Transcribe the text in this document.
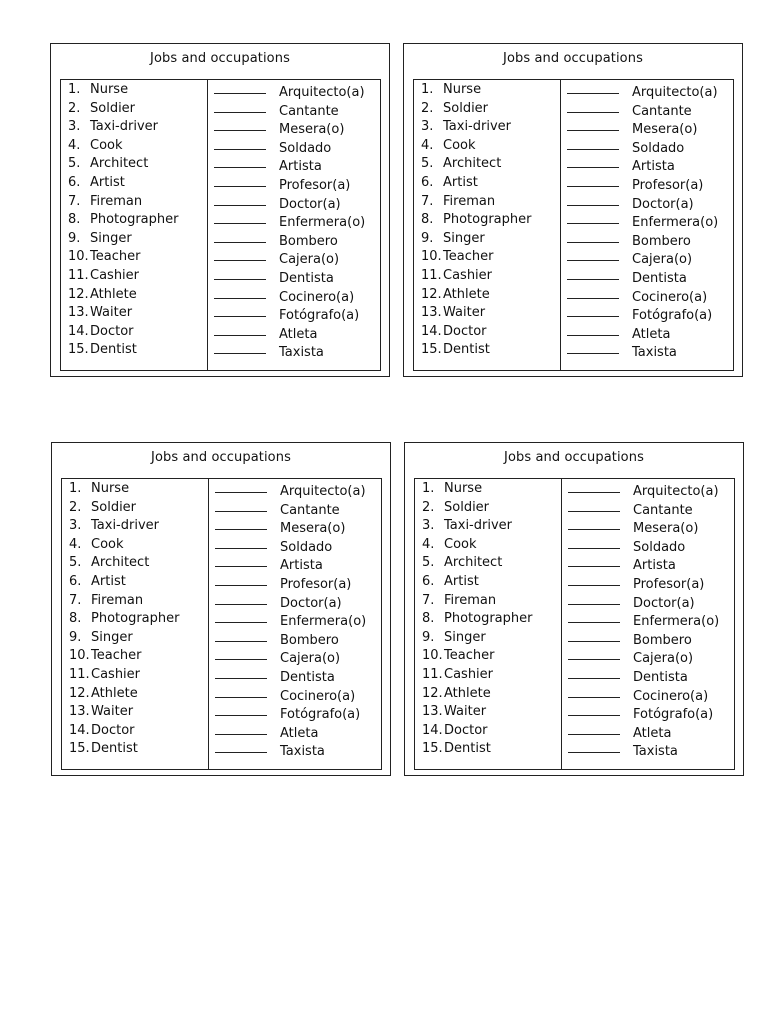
Jobs and occupations
1. Nurse
2. Soldier
3. Taxi-driver
4. Cook
5. Architect
6. Artist
7. Fireman
8. Photographer
9. Singer
10.Teacher
11.Cashier
12.Athlete
13.Waiter
14.Doctor
15.Dentist
Arquitecto(a)
Cantante
Mesera(o)
Soldado
Artista
Profesor(a)
Doctor(a)
Enfermera(o)
Bombero
Cajera(o)
Dentista
Cocinero(a)
Fotógrafo(a)
Atleta
Taxista
Jobs and occupations
1. Nurse
2. Soldier
3. Taxi-driver
4. Cook
5. Architect
6. Artist
7. Fireman
8. Photographer
9. Singer
10.Teacher
11.Cashier
12.Athlete
13.Waiter
14.Doctor
15.Dentist
Arquitecto(a)
Cantante
Mesera(o)
Soldado
Artista
Profesor(a)
Doctor(a)
Enfermera(o)
Bombero
Cajera(o)
Dentista
Cocinero(a)
Fotógrafo(a)
Atleta
Taxista
Jobs and occupations
1. Nurse
2. Soldier
3. Taxi-driver
4. Cook
5. Architect
6. Artist
7. Fireman
8. Photographer
9. Singer
10.Teacher
11.Cashier
12.Athlete
13.Waiter
14.Doctor
15.Dentist
Arquitecto(a)
Cantante
Mesera(o)
Soldado
Artista
Profesor(a)
Doctor(a)
Enfermera(o)
Bombero
Cajera(o)
Dentista
Cocinero(a)
Fotógrafo(a)
Atleta
Taxista
Jobs and occupations
1. Nurse
2. Soldier
3. Taxi-driver
4. Cook
5. Architect
6. Artist
7. Fireman
8. Photographer
9. Singer
10.Teacher
11.Cashier
12.Athlete
13.Waiter
14.Doctor
15.Dentist
Arquitecto(a)
Cantante
Mesera(o)
Soldado
Artista
Profesor(a)
Doctor(a)
Enfermera(o)
Bombero
Cajera(o)
Dentista
Cocinero(a)
Fotógrafo(a)
Atleta
Taxista
